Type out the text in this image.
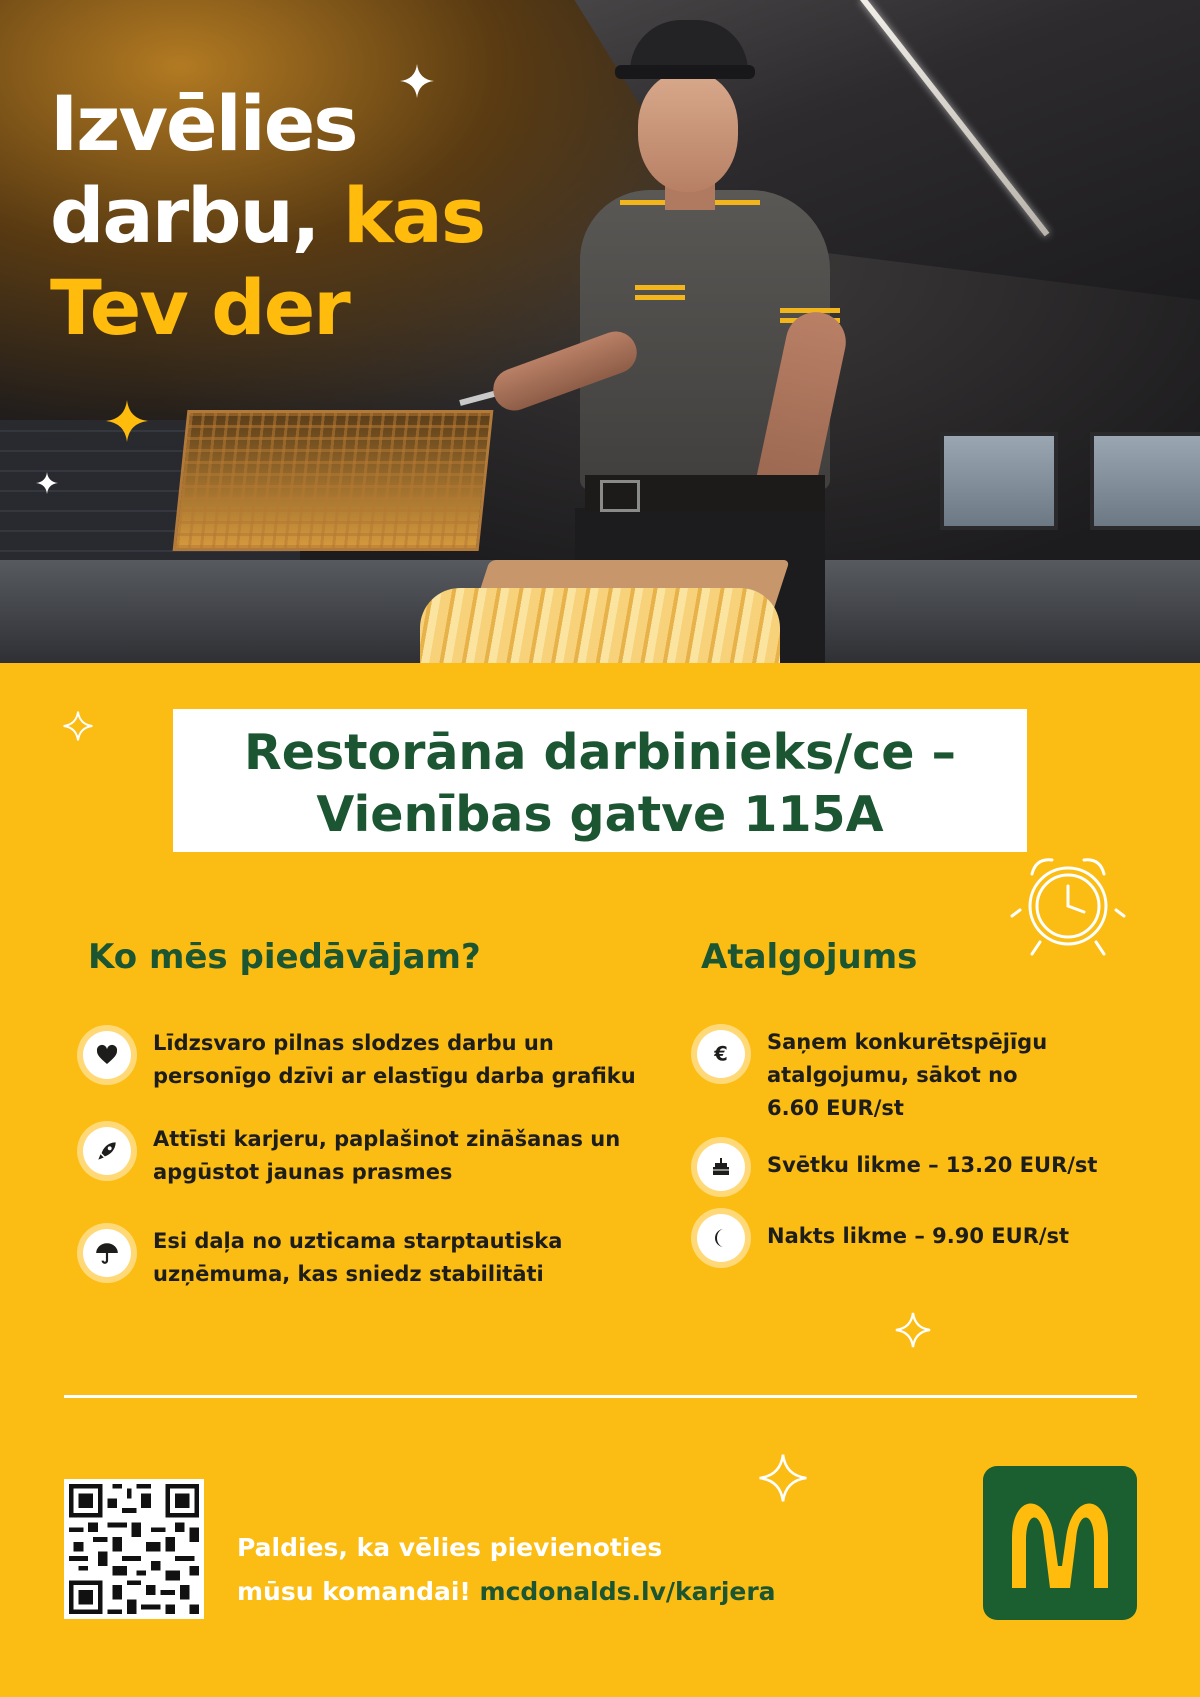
Izvēlies
darbu, kas
Tev der
Restorāna darbinieks/ce –
Vienības gatve 115A
Ko mēs piedāvājam?
Līdzsvaro pilnas slodzes darbu un
personīgo dzīvi ar elastīgu darba grafiku
Attīsti karjeru, paplašinot zināšanas un
apgūstot jaunas prasmes
Esi daļa no uzticama starptautiska
uzņēmuma, kas sniedz stabilitāti
Atalgojums
€ Saņem konkurētspējīgu
atalgojumu, sākot no
6.60 EUR/st
Svētku likme – 13.20 EUR/st
Nakts likme – 9.90 EUR/st

Paldies, ka vēlies pievienoties
mūsu komandai! mcdonalds.lv/karjera
